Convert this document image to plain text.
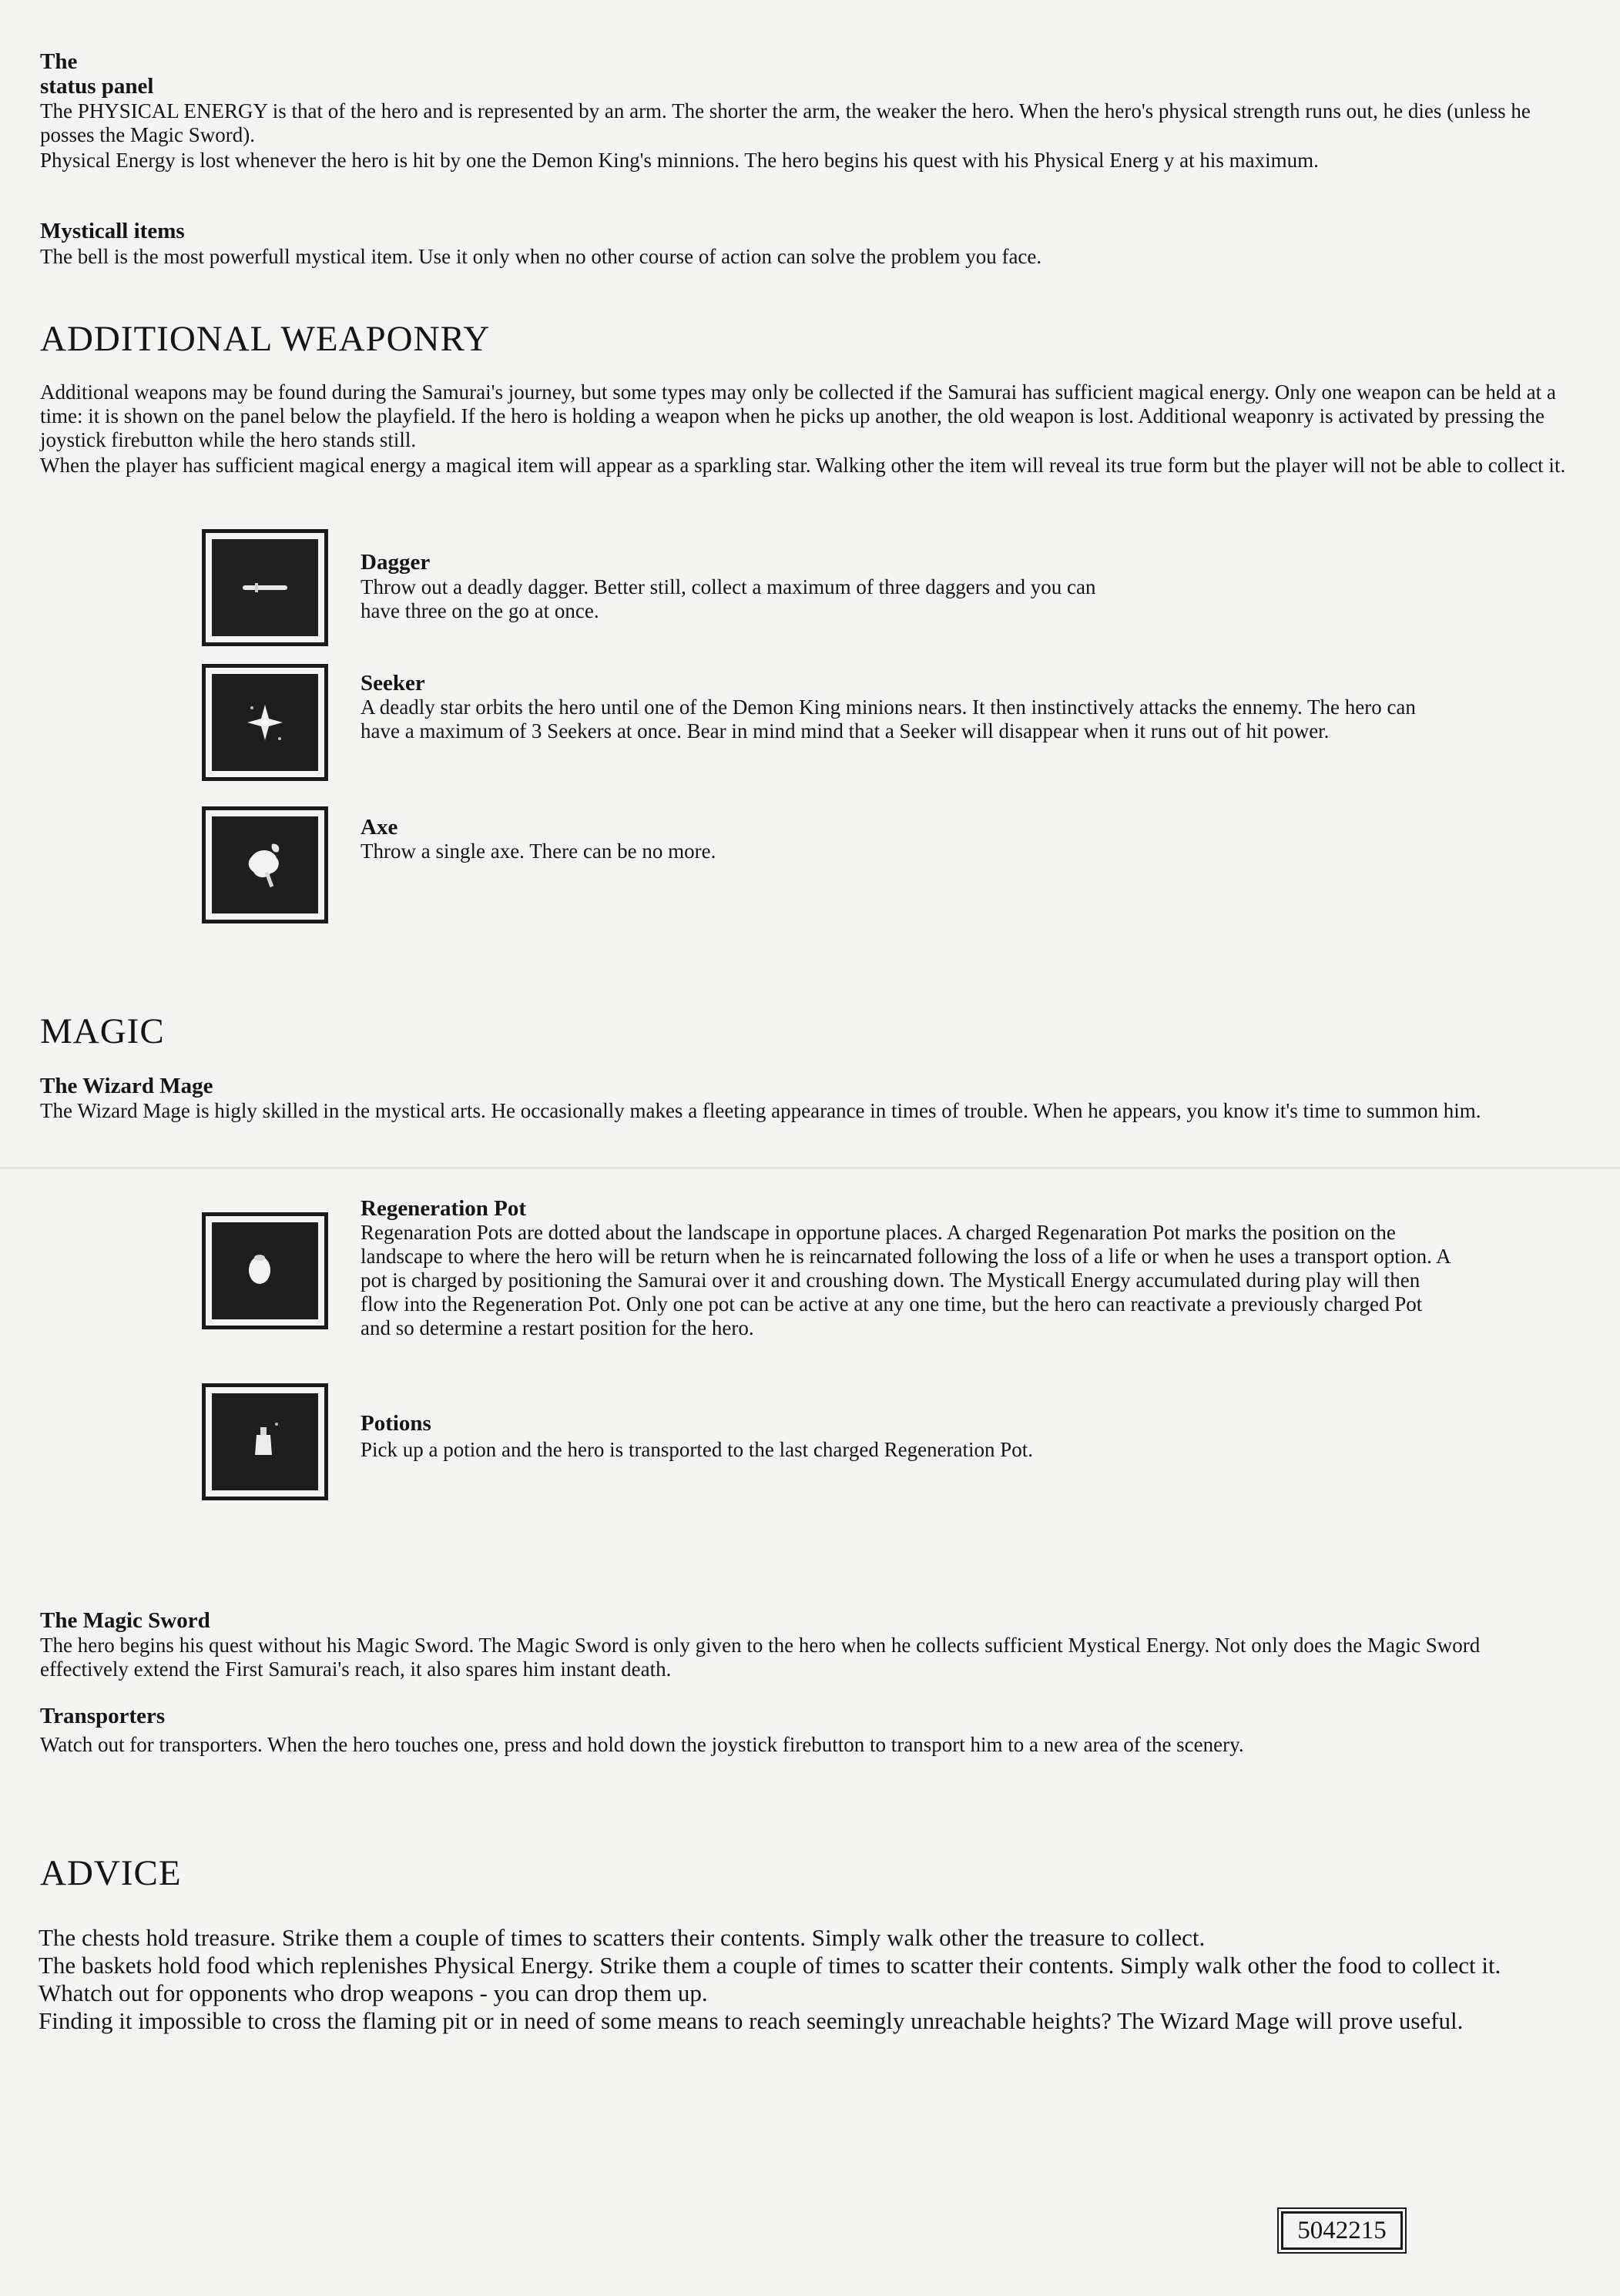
The

status panel

The PHYSICAL ENERGY is that of the hero and is represented by an arm. The shorter the arm, the weaker the hero. When the hero's physical strength runs out, he dies (unless he posses the Magic Sword).

Physical Energy is lost whenever the hero is hit by one the Demon King's minnions. The hero begins his quest with his Physical Energ y at his maximum.

Mysticall items

The bell is the most powerfull mystical item. Use it only when no other course of action can solve the problem you face.

ADDITIONAL WEAPONRY

Additional weapons may be found during the Samurai's journey, but some types may only be collected if the Samurai has sufficient magical energy. Only one weapon can be held at a time: it is shown on the panel below the playfield. If the hero is holding a weapon when he picks up another, the old weapon is lost. Additional weaponry is activated by pressing the joystick firebutton while the hero stands still.

When the player has sufficient magical energy a magical item will appear as a sparkling star. Walking other the item will reveal its true form but the player will not be able to collect it.

Dagger

Throw out a deadly dagger. Better still, collect a maximum of three daggers and you can have three on the go at once.

Seeker

A deadly star orbits the hero until one of the Demon King minions nears. It then instinctively attacks the ennemy. The hero can have a maximum of 3 Seekers at once. Bear in mind mind that a Seeker will disappear when it runs out of hit power.

Axe

Throw a single axe. There can be no more.

MAGIC

The Wizard Mage

The Wizard Mage is higly skilled in the mystical arts. He occasionally makes a fleeting appearance in times of trouble. When he appears, you know it's time to summon him.

Regeneration Pot

Regenaration Pots are dotted about the landscape in opportune places. A charged Regenaration Pot marks the position on the landscape to where the hero will be return when he is reincarnated following the loss of a life or when he uses a transport option. A pot is charged by positioning the Samurai over it and croushing down. The Mysticall Energy accumulated during play will then flow into the Regeneration Pot. Only one pot can be active at any one time, but the hero can reactivate a previously charged Pot and so determine a restart position for the hero.

Potions

Pick up a potion and the hero is transported to the last charged Regeneration Pot.

The Magic Sword

The hero begins his quest without his Magic Sword. The Magic Sword is only given to the hero when he collects sufficient Mystical Energy. Not only does the Magic Sword effectively extend the First Samurai's reach, it also spares him instant death.

Transporters

Watch out for transporters. When the hero touches one, press and hold down the joystick firebutton to transport him to a new area of the scenery.

ADVICE
The chests hold treasure. Strike them a couple of times to scatters their contents. Simply walk other the treasure to collect.
The baskets hold food which replenishes Physical Energy. Strike them a couple of times to scatter their contents. Simply walk other the food to collect it.
Whatch out for opponents who drop weapons - you can drop them up.
Finding it impossible to cross the flaming pit or in need of some means to reach seemingly unreachable heights? The Wizard Mage will prove useful.
5042215
